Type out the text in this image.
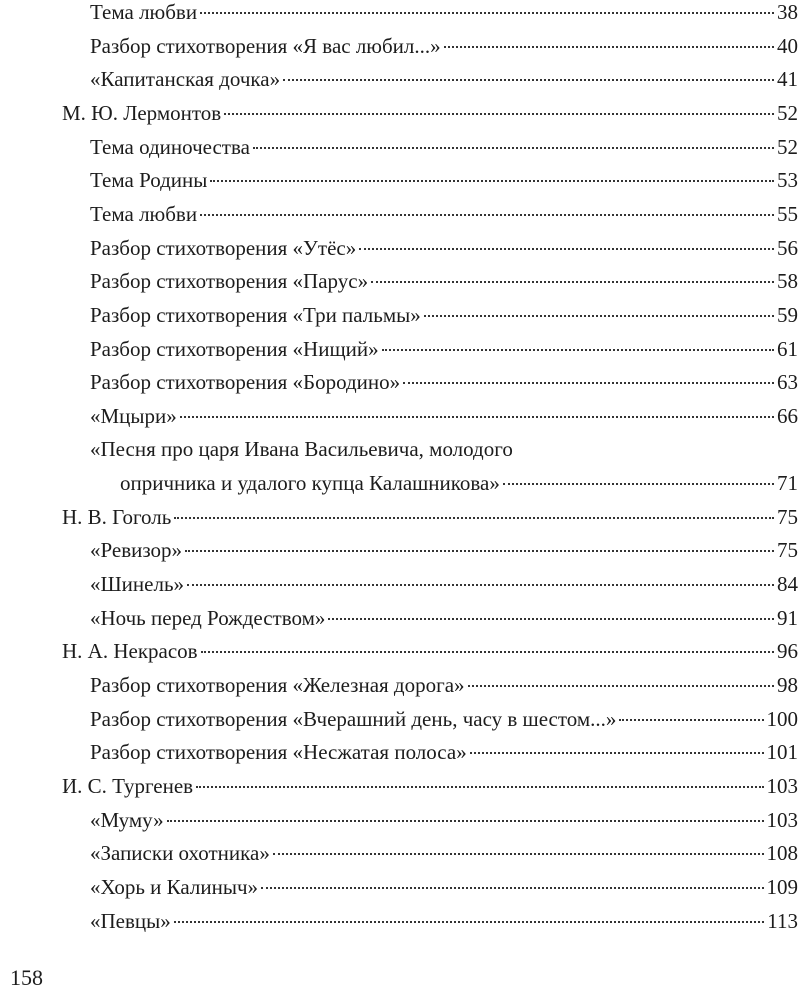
Тема любви	38
Разбор стихотворения «Я вас любил...»	40
«Капитанская дочка»	41
М. Ю. Лермонтов	52
Тема одиночества	52
Тема Родины	53
Тема любви	55
Разбор стихотворения «Утёс»	56
Разбор стихотворения «Парус»	58
Разбор стихотворения «Три пальмы»	59
Разбор стихотворения «Нищий»	61
Разбор стихотворения «Бородино»	63
«Мцыри»	66
«Песня про царя Ивана Васильевича, молодого
опричника и удалого купца Калашникова»	71
Н. В. Гоголь	75
«Ревизор»	75
«Шинель»	84
«Ночь перед Рождеством»	91
Н. А. Некрасов	96
Разбор стихотворения «Железная дорога»	98
Разбор стихотворения «Вчерашний день, часу в шестом...»	100
Разбор стихотворения «Несжатая полоса»	101
И. С. Тургенев	103
«Муму»	103
«Записки охотника»	108
«Хорь и Калиныч»	109
«Певцы»	113
158
